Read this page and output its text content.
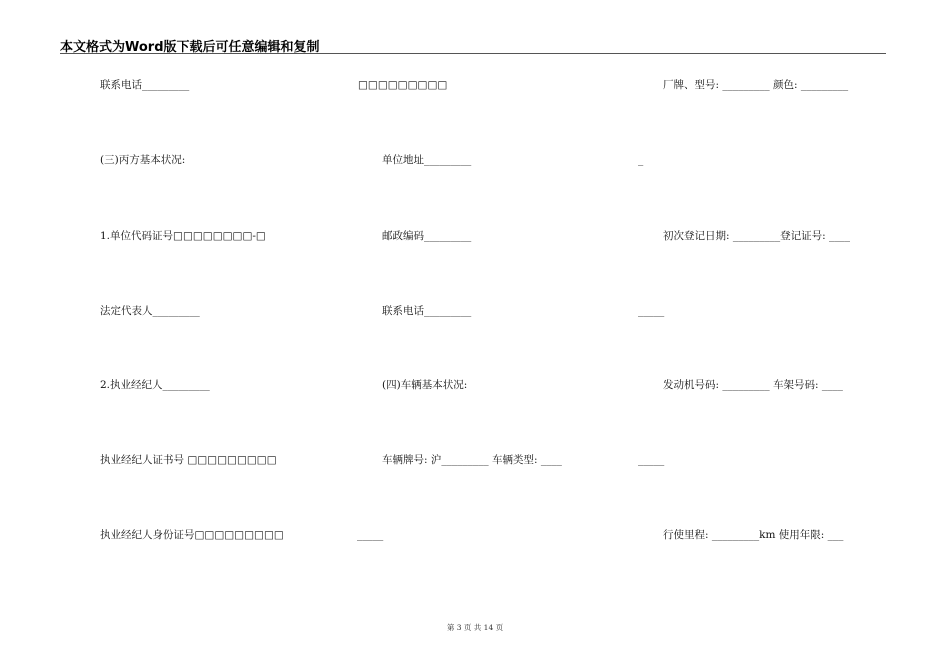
本文格式为Word版下载后可任意编辑和复制
联系电话_________	□□□□□□□□□	厂牌、型号: _________ 颜色: _________
(三)丙方基本状况:	单位地址_________	_
1.单位代码证号□□□□□□□□-□	邮政编码_________	初次登记日期: _________登记证号: ____
法定代表人_________	联系电话_________	_____
2.执业经纪人_________	(四)车辆基本状况:	发动机号码: _________ 车架号码: ____
执业经纪人证书号 □□□□□□□□□	车辆牌号: 沪_________ 车辆类型: ____	_____
执业经纪人身份证号□□□□□□□□□	_____	行使里程: _________km 使用年限: ___
第 3 页 共 14 页
